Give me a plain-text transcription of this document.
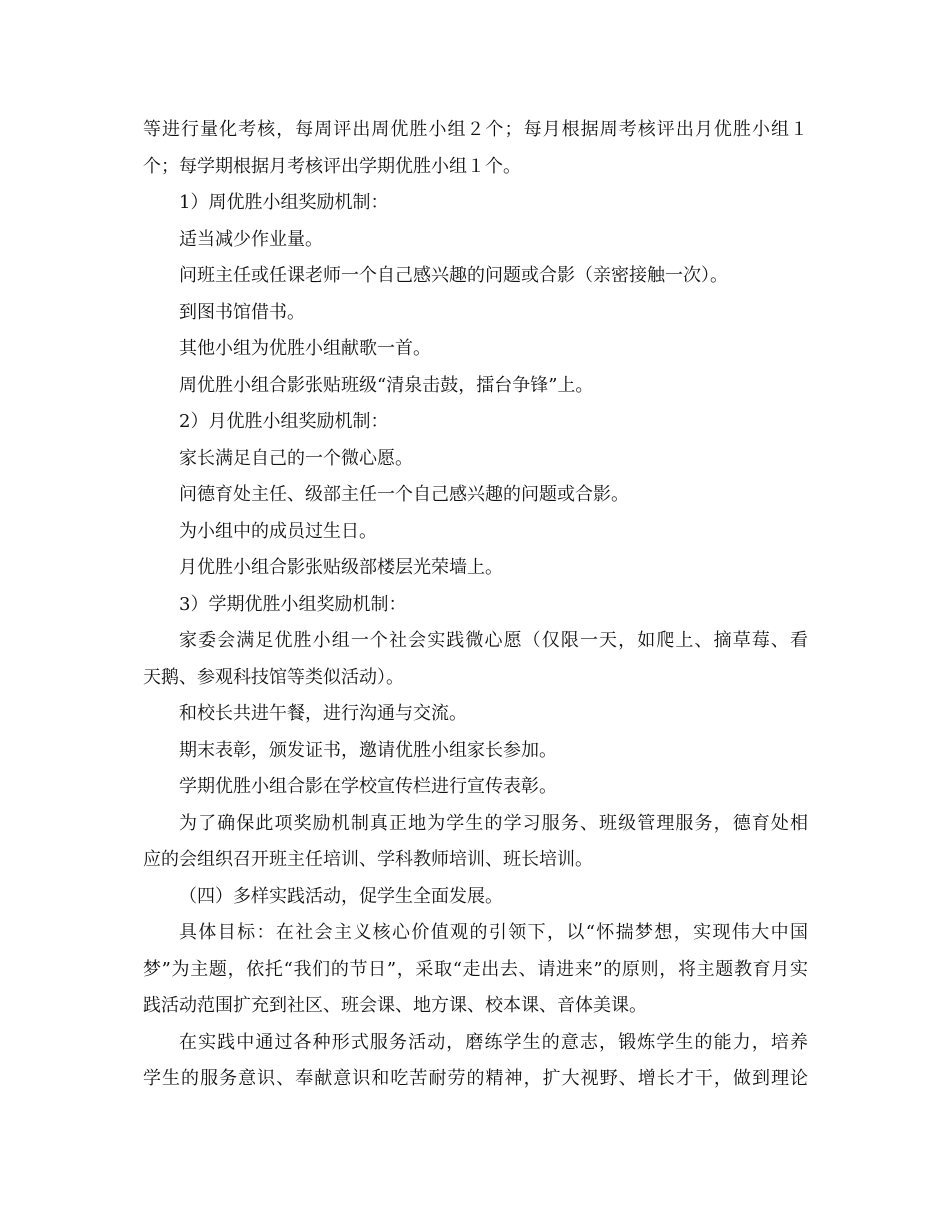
等进行量化考核，每周评出周优胜小组２个；每月根据周考核评出月优胜小组１
个；每学期根据月考核评出学期优胜小组１个。
1）周优胜小组奖励机制：
适当减少作业量。
问班主任或任课老师一个自己感兴趣的问题或合影（亲密接触一次）。
到图书馆借书。
其他小组为优胜小组献歌一首。
周优胜小组合影张贴班级“清泉击鼓，擂台争锋”上。
2）月优胜小组奖励机制：
家长满足自己的一个微心愿。
问德育处主任、级部主任一个自己感兴趣的问题或合影。
为小组中的成员过生日。
月优胜小组合影张贴级部楼层光荣墙上。
3）学期优胜小组奖励机制：
家委会满足优胜小组一个社会实践微心愿（仅限一天，如爬上、摘草莓、看
天鹅、参观科技馆等类似活动）。
和校长共进午餐，进行沟通与交流。
期末表彰，颁发证书，邀请优胜小组家长参加。
学期优胜小组合影在学校宣传栏进行宣传表彰。
为了确保此项奖励机制真正地为学生的学习服务、班级管理服务，德育处相
应的会组织召开班主任培训、学科教师培训、班长培训。
（四）多样实践活动，促学生全面发展。
具体目标：在社会主义核心价值观的引领下，以“怀揣梦想，实现伟大中国
梦”为主题，依托“我们的节日”，采取“走出去、请进来”的原则，将主题教育月实
践活动范围扩充到社区、班会课、地方课、校本课、音体美课。
在实践中通过各种形式服务活动，磨练学生的意志，锻炼学生的能力，培养
学生的服务意识、奉献意识和吃苦耐劳的精神，扩大视野、增长才干，做到理论
